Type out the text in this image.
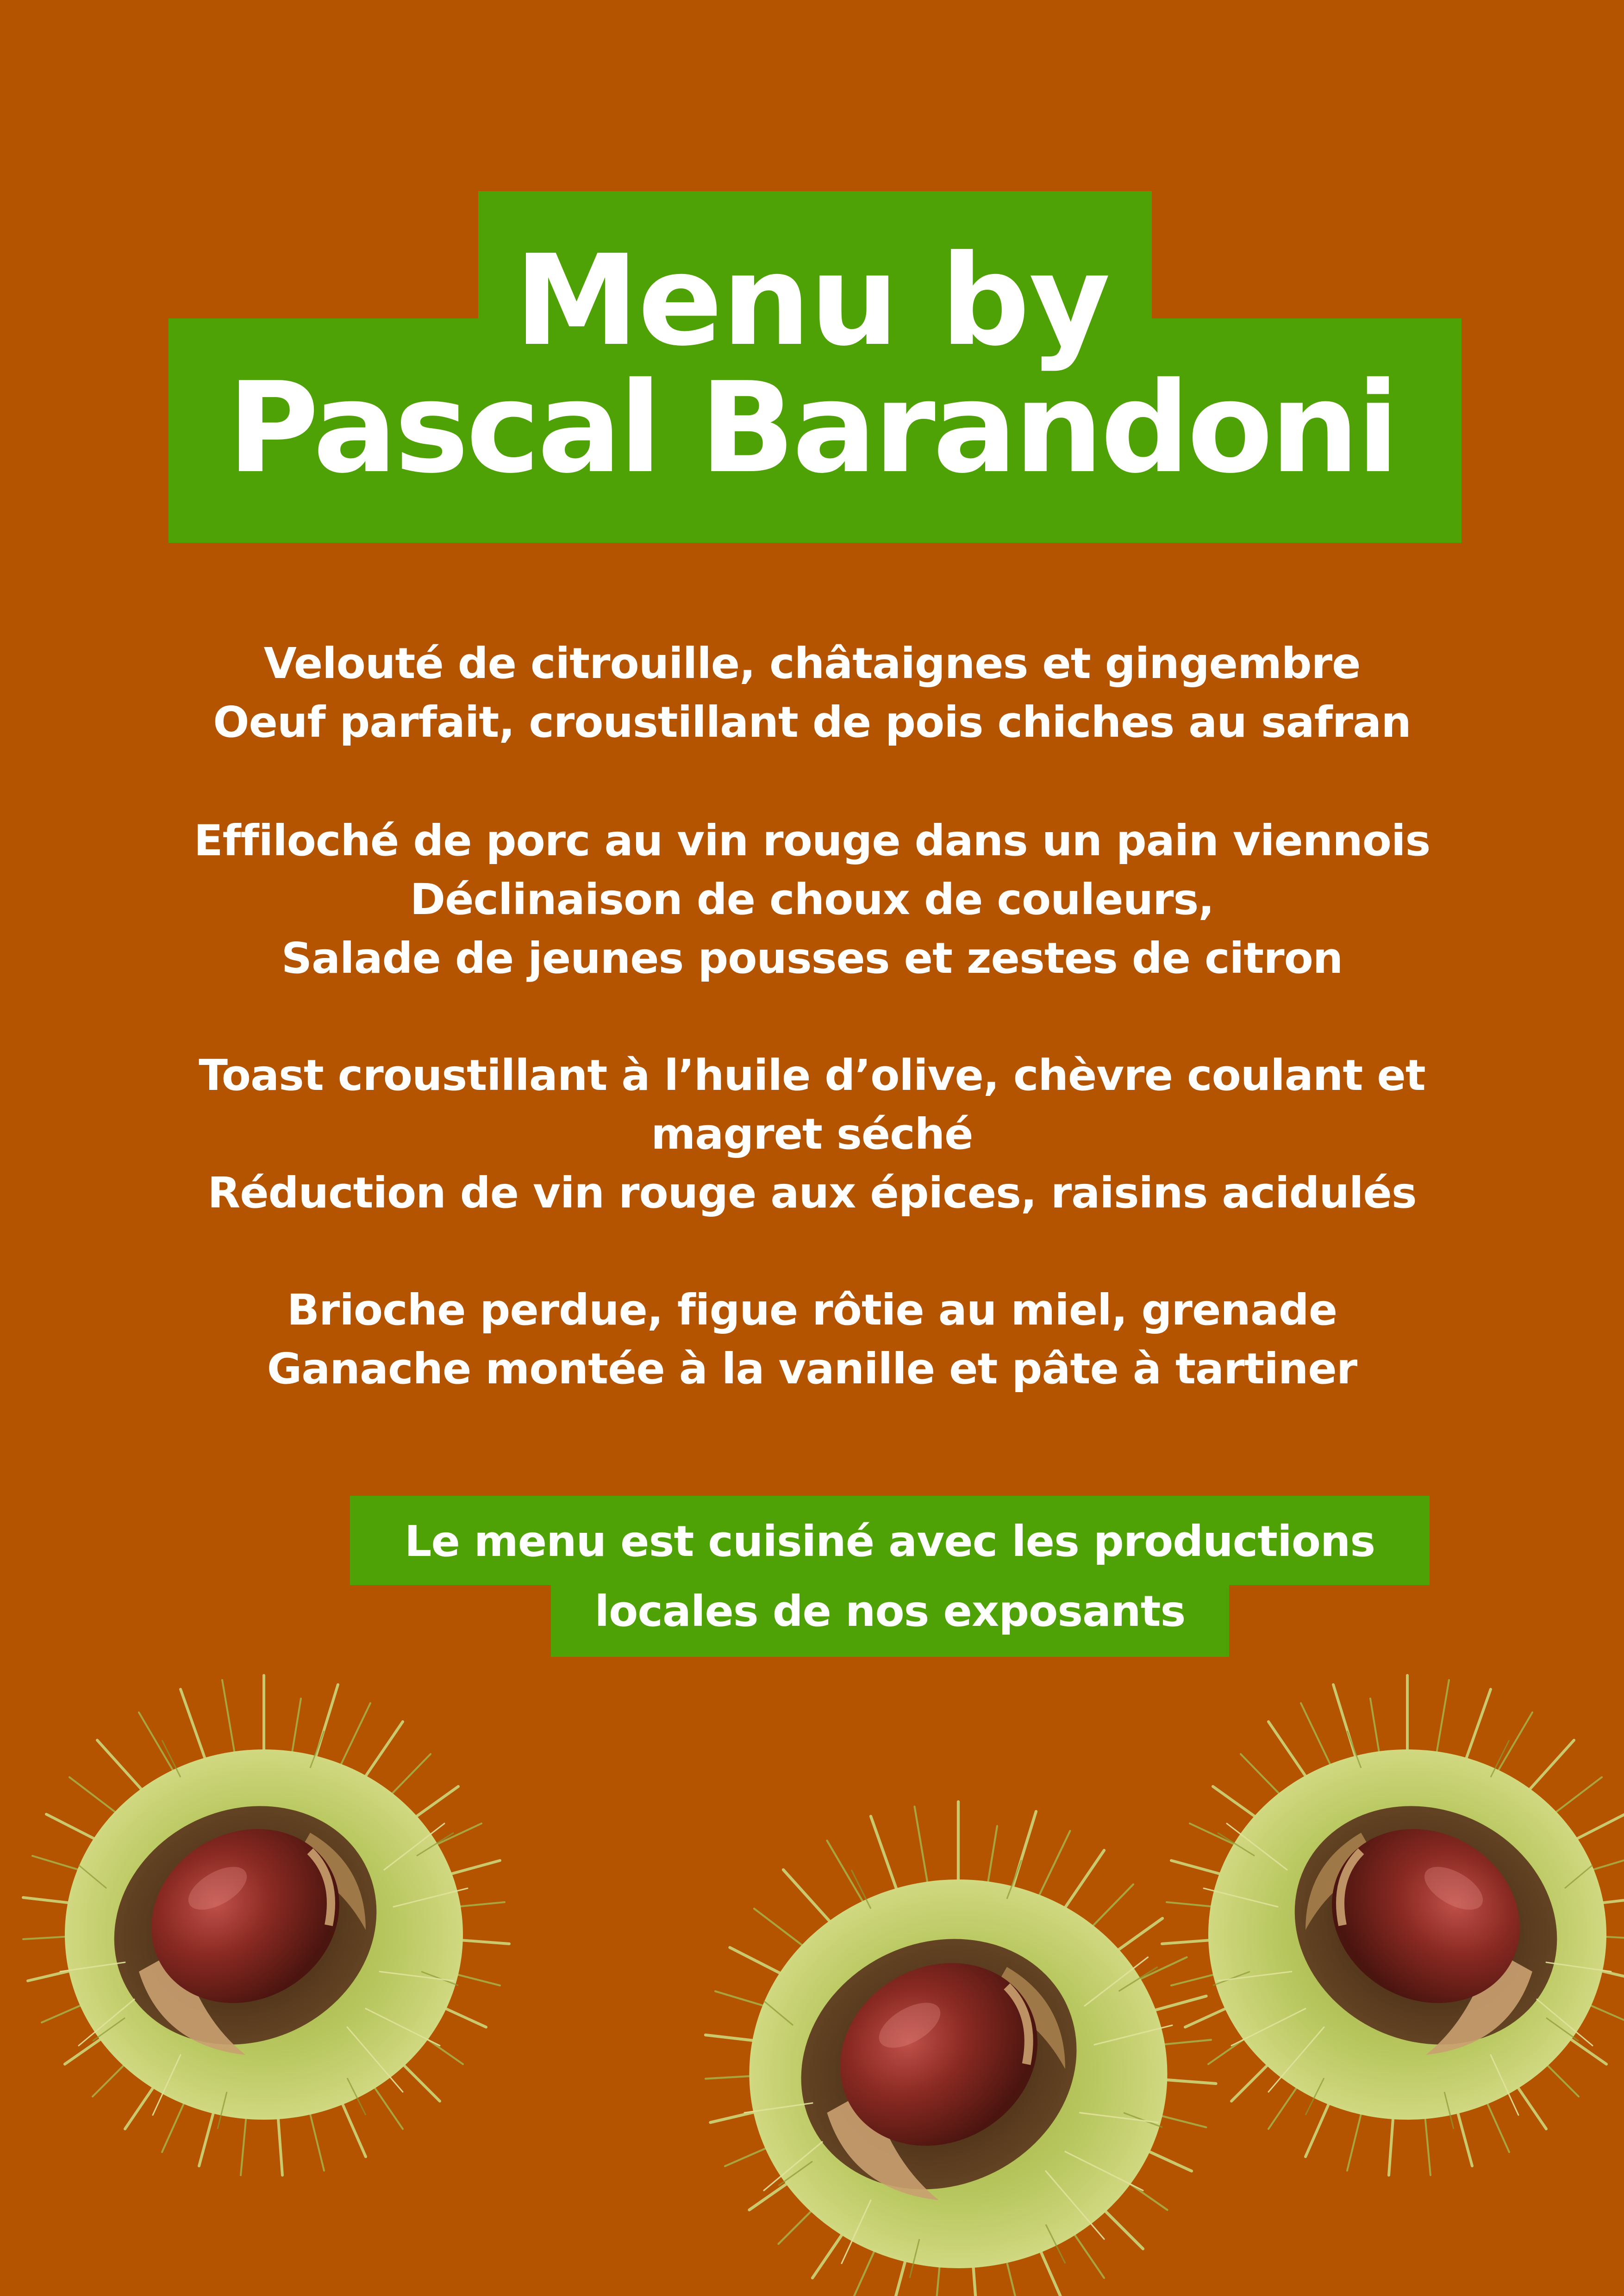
Menu by
Pascal Barandoni
Velouté de citrouille, châtaignes et gingembre
Oeuf parfait, croustillant de pois chiches au safran
Effiloché de porc au vin rouge dans un pain viennois
Déclinaison de choux de couleurs,
Salade de jeunes pousses et zestes de citron
Toast croustillant à l’huile d’olive, chèvre coulant et
magret séché
Réduction de vin rouge aux épices, raisins acidulés
Brioche perdue, figue rôtie au miel, grenade
Ganache montée à la vanille et pâte à tartiner
Le menu est cuisiné avec les productions
locales de nos exposants
